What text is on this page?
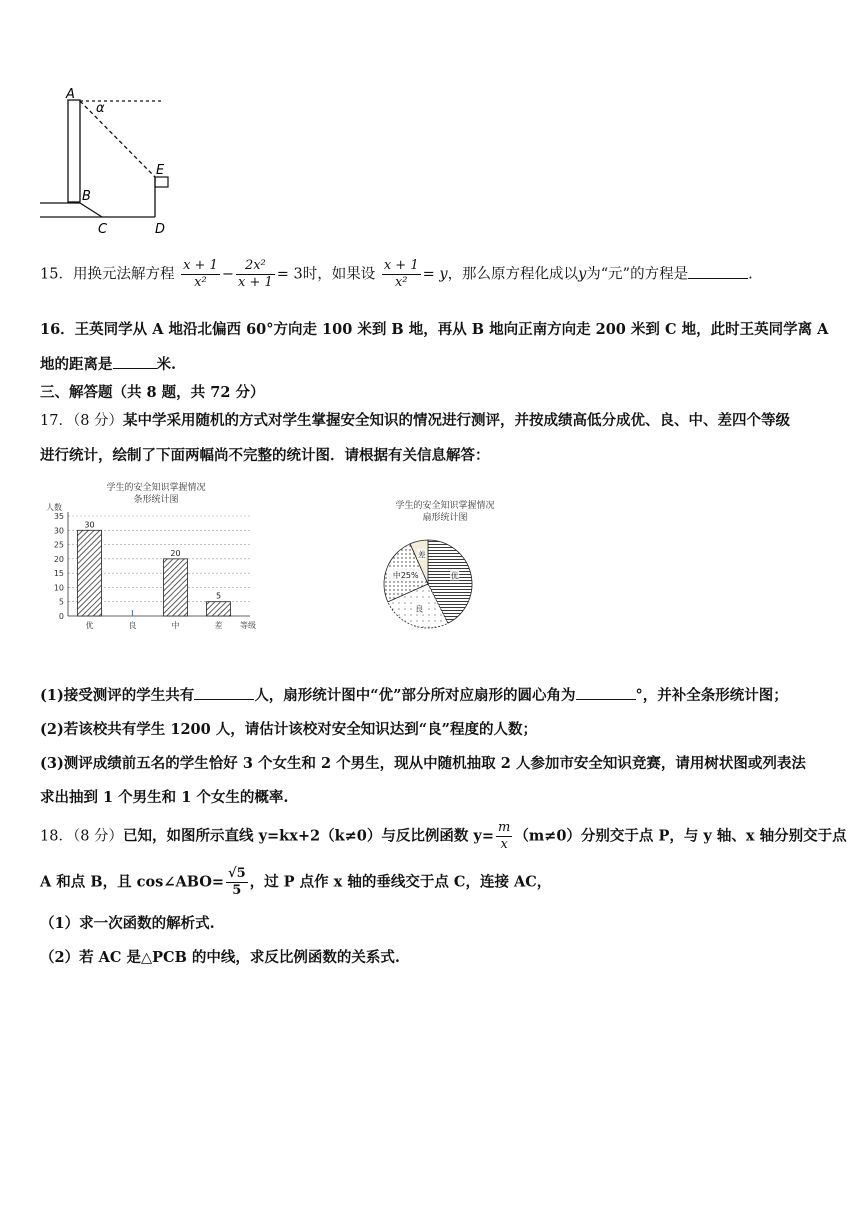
A
α
E
B
C	D
15．用换元法解方程 $\frac{x + 1}{\text{x²}} - \frac{\text{2x²}}{x + 1} = 3$时，如果设 $\frac{x + 1}{\text{x²}} = y$，那么原方程化成以y为“元”的方程是	.
16．王英同学从 A 地沿北偏西 60°方向走 100 米到 B 地，再从 B 地向正南方向走 200 米到 C 地，此时王英同学离 A
地的距离是	米.
三、解答题（共 8 题，共 72 分）
17．（8 分）某中学采用随机的方式对学生掌握安全知识的情况进行测评，并按成绩高低分成优、良、中、差四个等级
进行统计，绘制了下面两幅尚不完整的统计图．请根据有关信息解答：
学生的安全知识掌握情况
条形统计图
人数
0
5
10
15
20
25
30
35
30
优	良
20
中
5
差 等级
学生的安全知识掌握情况
扇形统计图
优
良
中25%
差
(1)接受测评的学生共有	人，扇形统计图中“优”部分所对应扇形的圆心角为	°，并补全条形统计图；
(2)若该校共有学生 1200 人，请估计该校对安全知识达到“良”程度的人数；
(3)测评成绩前五名的学生恰好 3 个女生和 2 个男生，现从中随机抽取 2 人参加市安全知识竞赛，请用树状图或列表法
求出抽到 1 个男生和 1 个女生的概率.
18．（8 分）已知，如图所示直线 y=kx+2（k≠0）与反比例函数 $y= \frac{m}{x} (m\ne 0)$分别交于点 P，与 y 轴、x 轴分别交于点
A 和点 B，且 cos∠ABO= $\frac{√5}{5}$ ，过 P 点作 x 轴的垂线交于点 C，连接 AC，
（1）求一次函数的解析式.
（2）若 AC 是△PCB 的中线，求反比例函数的关系式.
